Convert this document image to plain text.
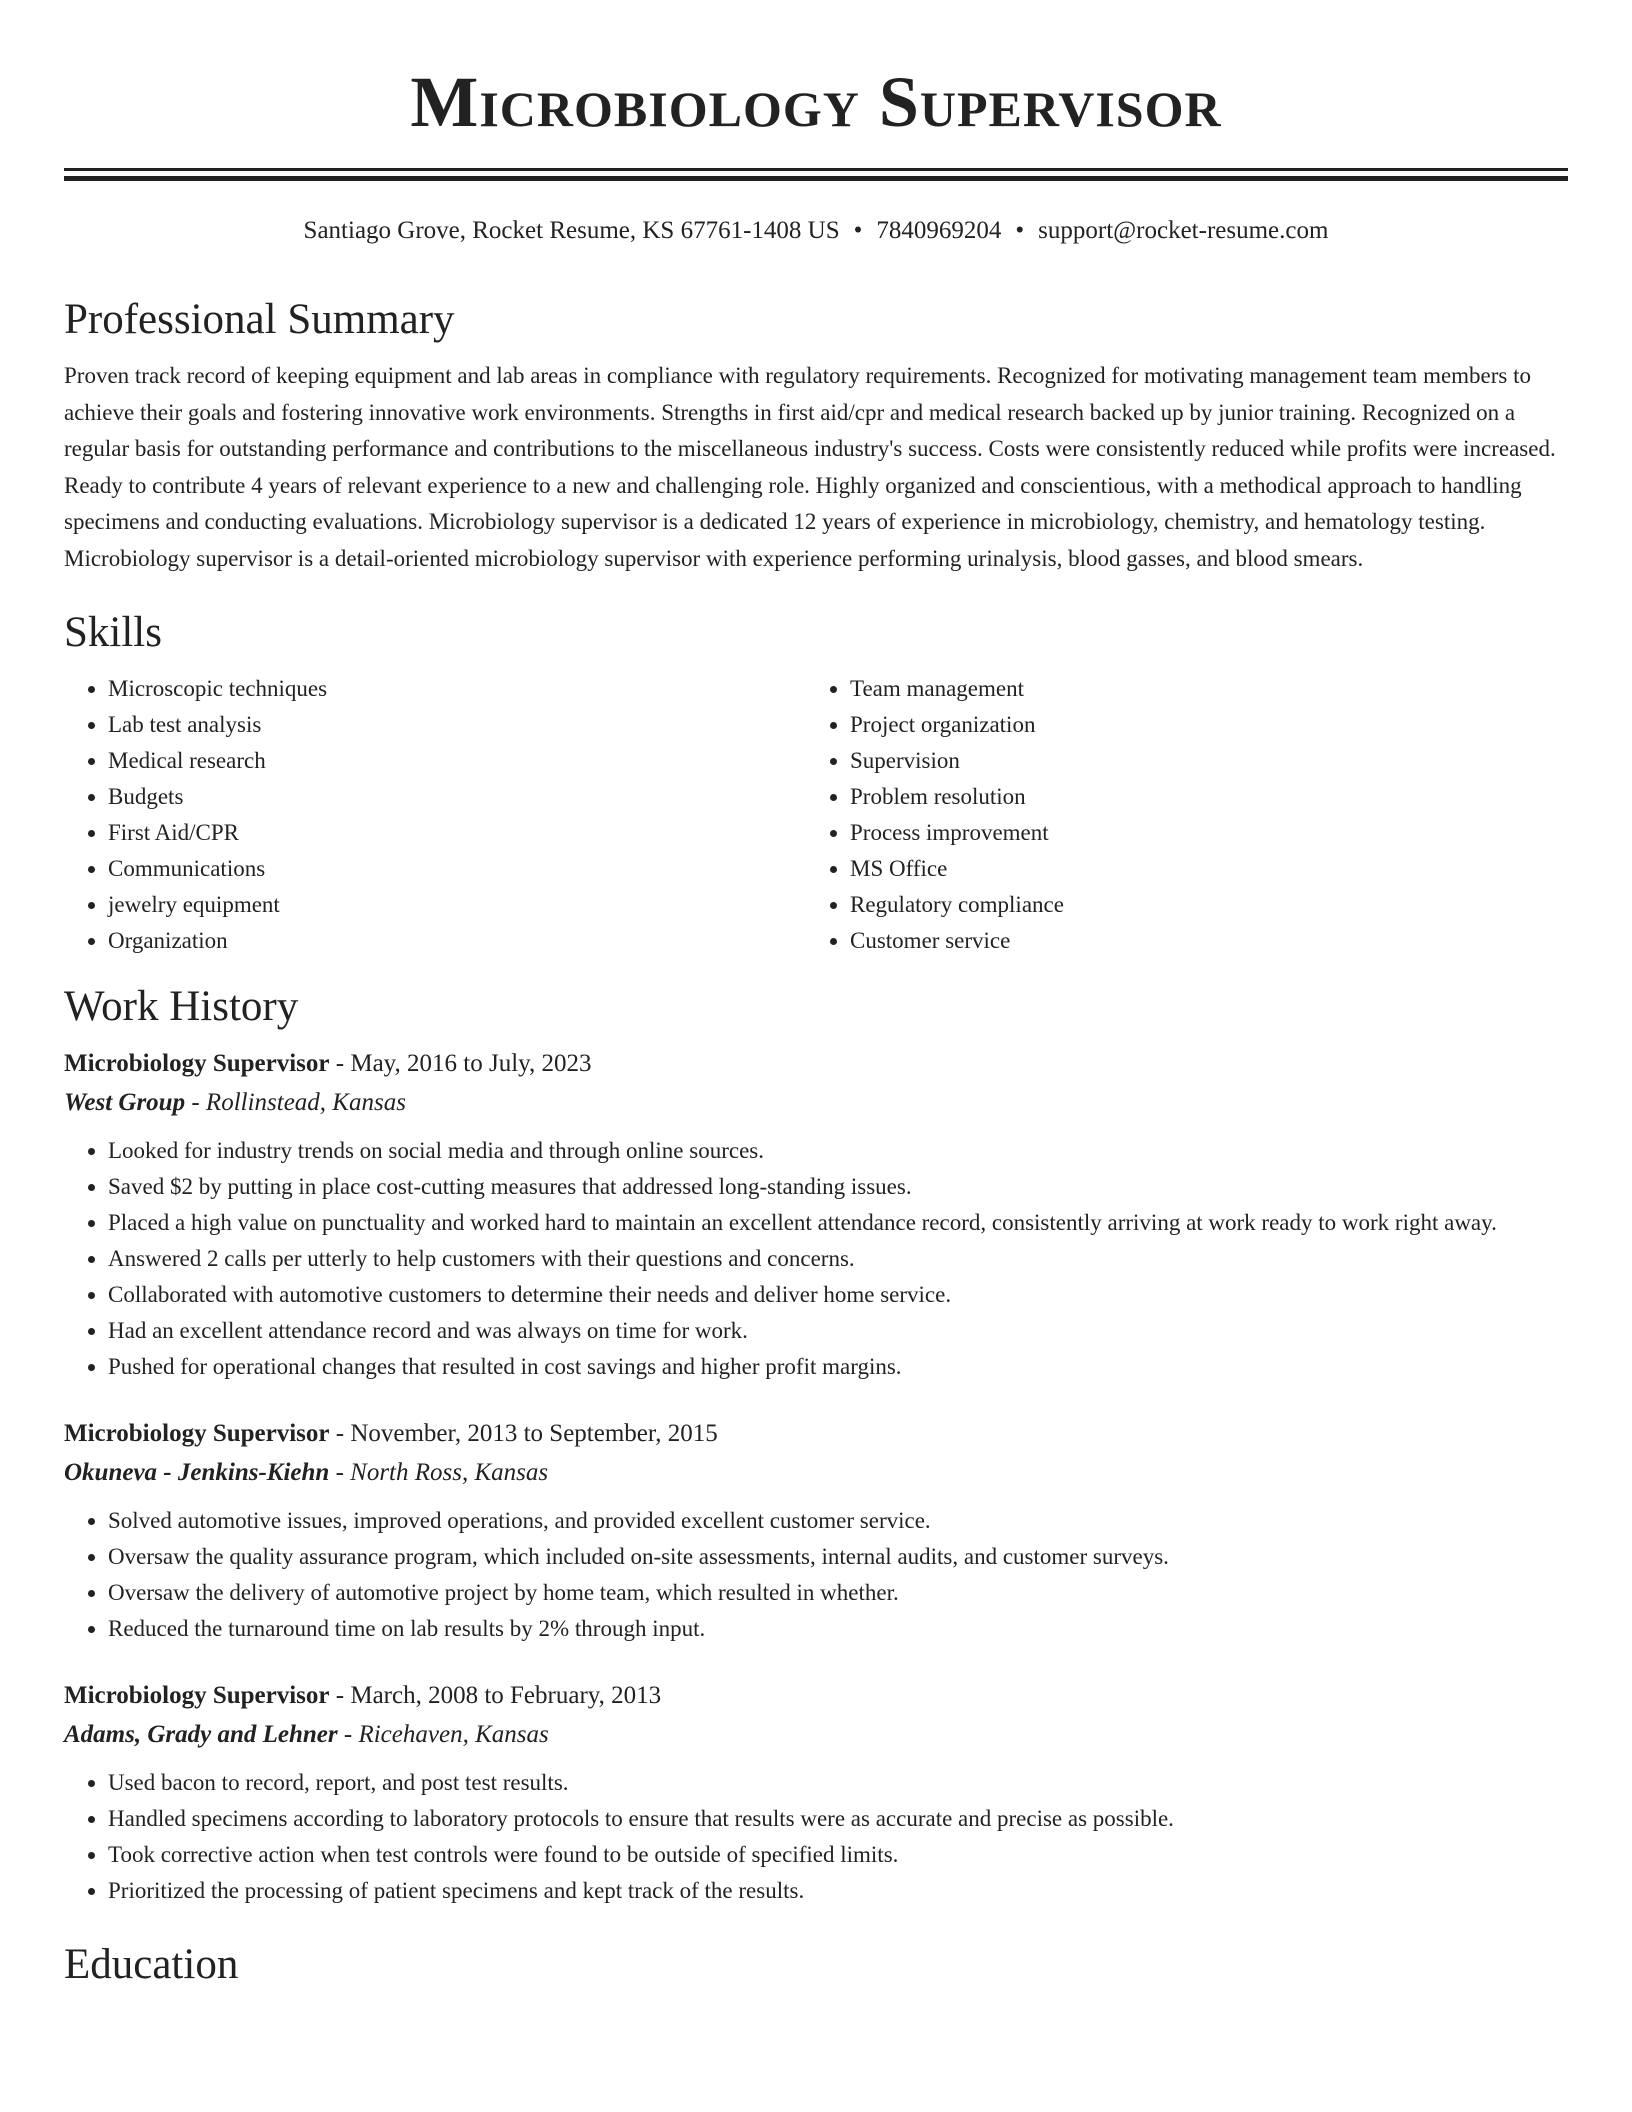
Microbiology Supervisor
Santiago Grove, Rocket Resume, KS 67761-1408 US • 7840969204 • support@rocket-resume.com
Professional Summary

Proven track record of keeping equipment and lab areas in compliance with regulatory requirements. Recognized for motivating management team members to achieve their goals and fostering innovative work environments. Strengths in first aid/cpr and medical research backed up by junior training. Recognized on a regular basis for outstanding performance and contributions to the miscellaneous industry's success. Costs were consistently reduced while profits were increased. Ready to contribute 4 years of relevant experience to a new and challenging role. Highly organized and conscientious, with a methodical approach to handling specimens and conducting evaluations. Microbiology supervisor is a dedicated 12 years of experience in microbiology, chemistry, and hematology testing. Microbiology supervisor is a detail-oriented microbiology supervisor with experience performing urinalysis, blood gasses, and blood smears.

Skills
• Microscopic techniques
• Lab test analysis
• Medical research
• Budgets
• First Aid/CPR
• Communications
• jewelry equipment
• Organization
• Team management
• Project organization
• Supervision
• Problem resolution
• Process improvement
• MS Office
• Regulatory compliance
• Customer service
Work History
Microbiology Supervisor - May, 2016 to July, 2023
West Group - Rollinstead, Kansas
• Looked for industry trends on social media and through online sources.
• Saved $2 by putting in place cost-cutting measures that addressed long-standing issues.
• Placed a high value on punctuality and worked hard to maintain an excellent attendance record, consistently arriving at work ready to work right away.
• Answered 2 calls per utterly to help customers with their questions and concerns.
• Collaborated with automotive customers to determine their needs and deliver home service.
• Had an excellent attendance record and was always on time for work.
• Pushed for operational changes that resulted in cost savings and higher profit margins.
Microbiology Supervisor - November, 2013 to September, 2015
Okuneva - Jenkins-Kiehn - North Ross, Kansas
• Solved automotive issues, improved operations, and provided excellent customer service.
• Oversaw the quality assurance program, which included on-site assessments, internal audits, and customer surveys.
• Oversaw the delivery of automotive project by home team, which resulted in whether.
• Reduced the turnaround time on lab results by 2% through input.
Microbiology Supervisor - March, 2008 to February, 2013
Adams, Grady and Lehner - Ricehaven, Kansas
• Used bacon to record, report, and post test results.
• Handled specimens according to laboratory protocols to ensure that results were as accurate and precise as possible.
• Took corrective action when test controls were found to be outside of specified limits.
• Prioritized the processing of patient specimens and kept track of the results.
Education
